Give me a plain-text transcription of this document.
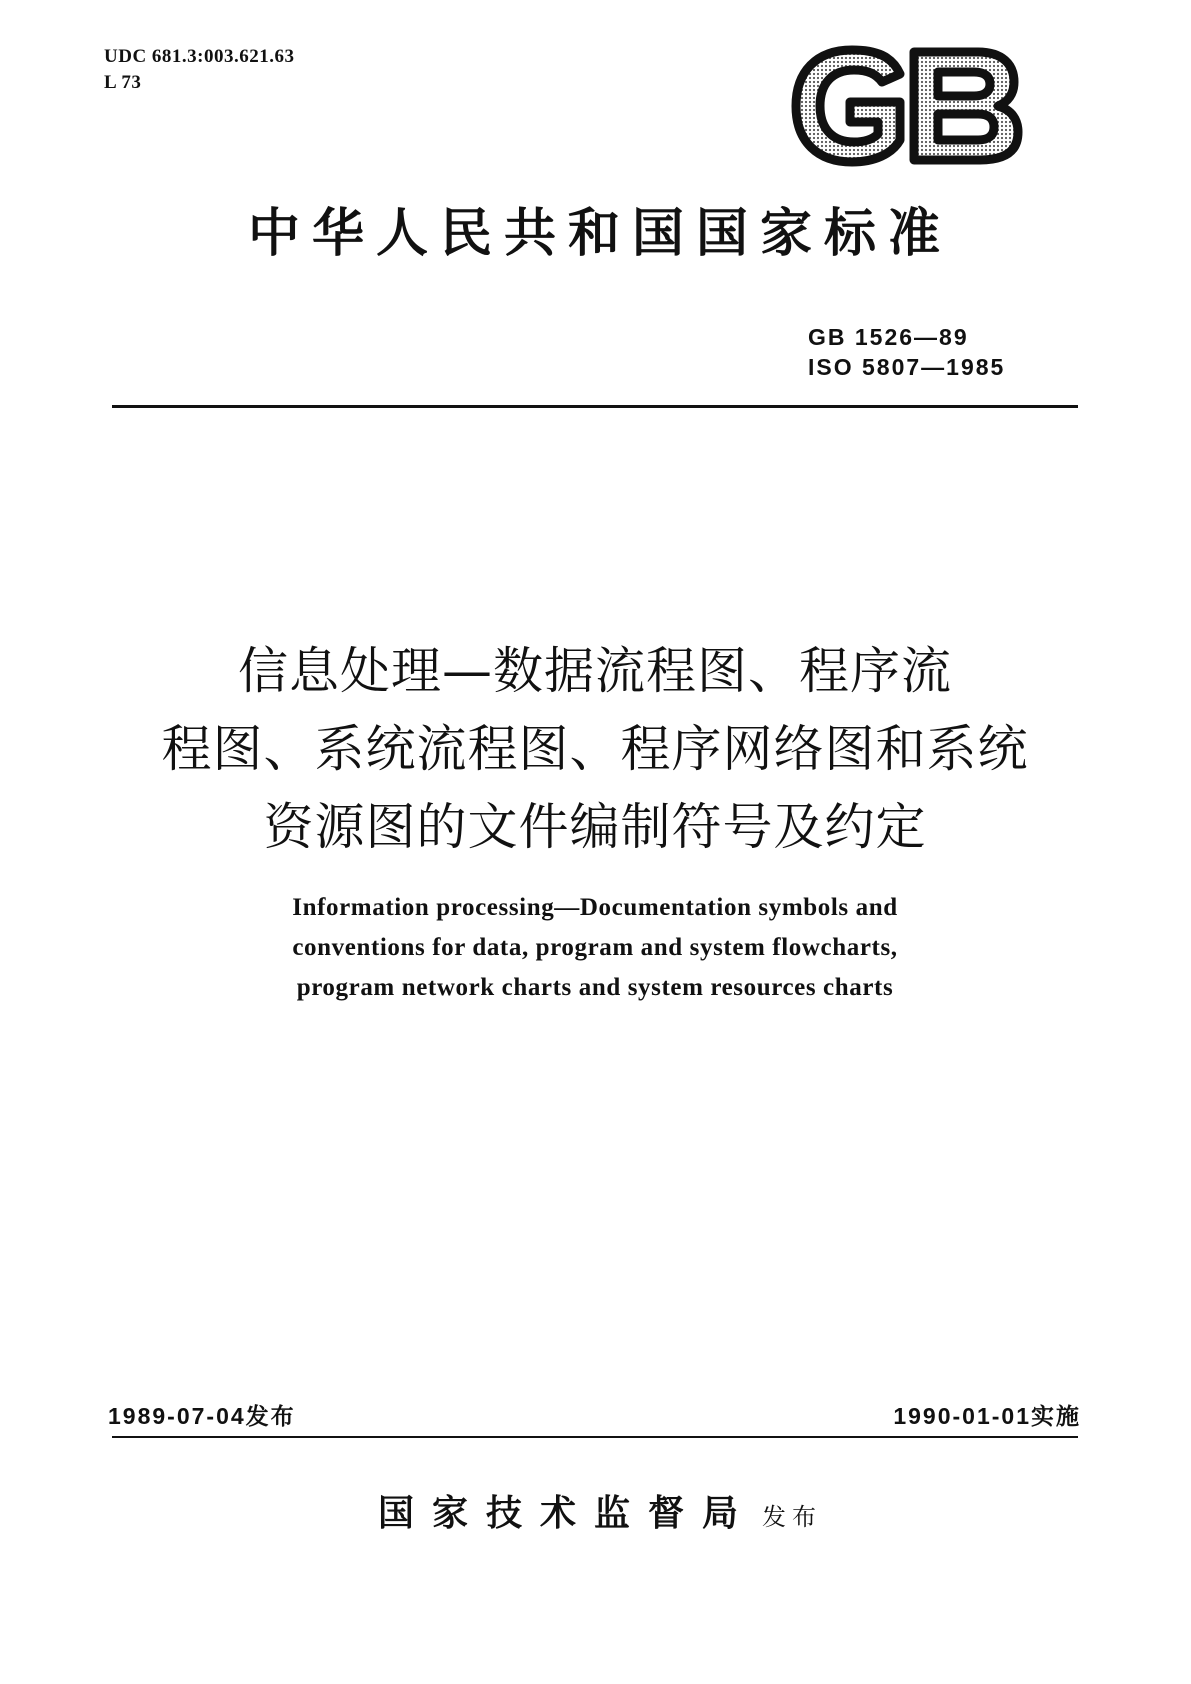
UDC 681.3:003.621.63
L 73
中华人民共和国国家标准
GB 1526—89
ISO 5807—1985
信息处理—数据流程图、程序流
程图、系统流程图、程序网络图和系统
资源图的文件编制符号及约定
Information processing—Documentation symbols and
conventions for data, program and system flowcharts,
program network charts and system resources charts
1989-07-04发布	1990-01-01实施
国家技术监督局 发布
